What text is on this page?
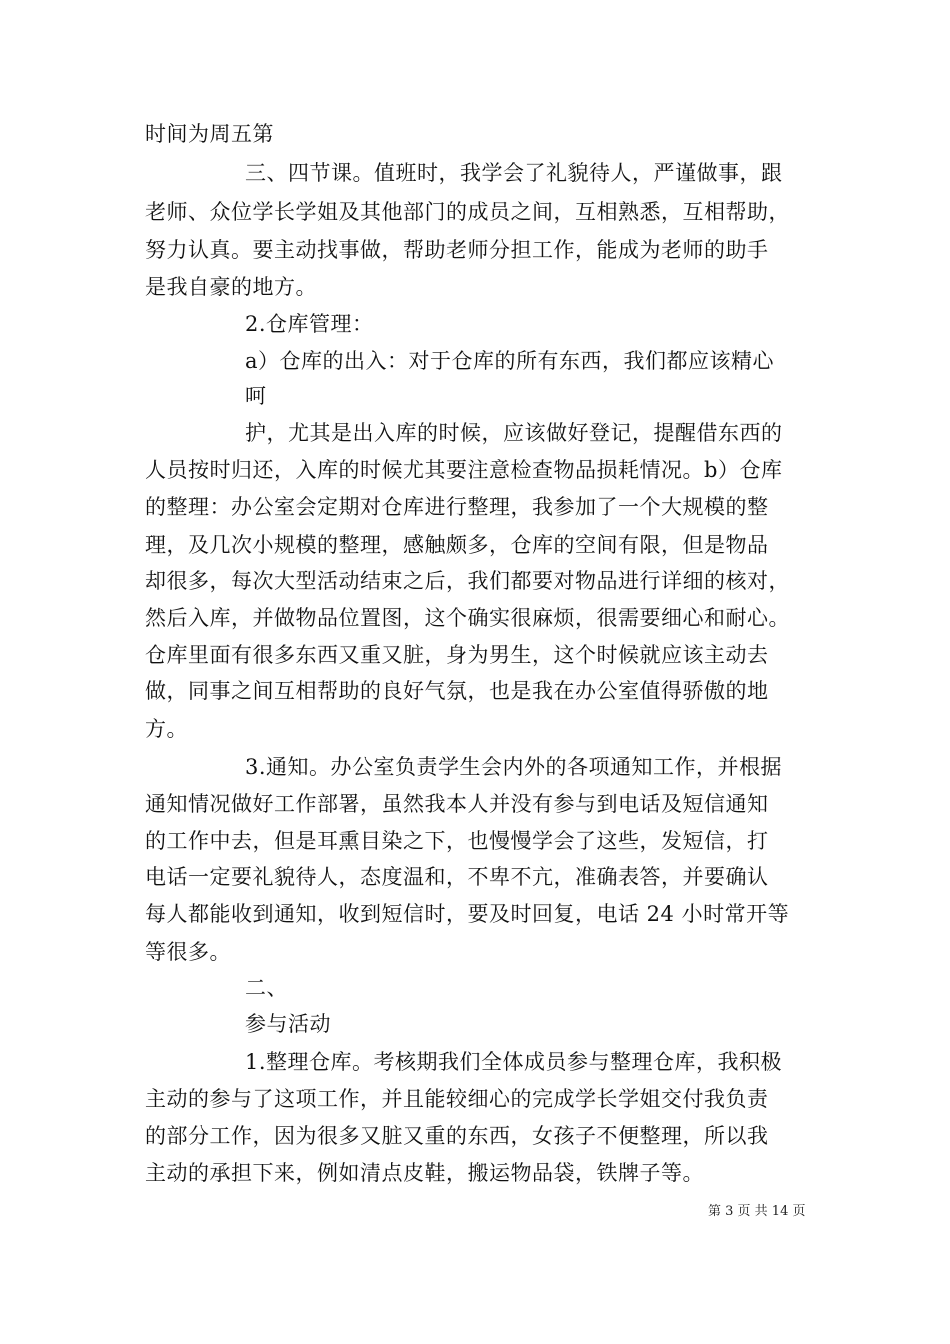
时间为周五第
三、四节课。值班时，我学会了礼貌待人，严谨做事，跟
老师、众位学长学姐及其他部门的成员之间，互相熟悉，互相帮助，
努力认真。要主动找事做，帮助老师分担工作，能成为老师的助手
是我自豪的地方。
2.仓库管理：
a）仓库的出入：对于仓库的所有东西，我们都应该精心
呵
护，尤其是出入库的时候，应该做好登记，提醒借东西的
人员按时归还，入库的时候尤其要注意检查物品损耗情况。b）仓库
的整理：办公室会定期对仓库进行整理，我参加了一个大规模的整
理，及几次小规模的整理，感触颇多，仓库的空间有限，但是物品
却很多，每次大型活动结束之后，我们都要对物品进行详细的核对，
然后入库，并做物品位置图，这个确实很麻烦，很需要细心和耐心。
仓库里面有很多东西又重又脏，身为男生，这个时候就应该主动去
做，同事之间互相帮助的良好气氛，也是我在办公室值得骄傲的地
方。
3.通知。办公室负责学生会内外的各项通知工作，并根据
通知情况做好工作部署，虽然我本人并没有参与到电话及短信通知
的工作中去，但是耳熏目染之下，也慢慢学会了这些，发短信，打
电话一定要礼貌待人，态度温和，不卑不亢，准确表答，并要确认
每人都能收到通知，收到短信时，要及时回复，电话 24 小时常开等
等很多。
二、
参与活动
1.整理仓库。考核期我们全体成员参与整理仓库，我积极
主动的参与了这项工作，并且能较细心的完成学长学姐交付我负责
的部分工作，因为很多又脏又重的东西，女孩子不便整理，所以我
主动的承担下来，例如清点皮鞋，搬运物品袋，铁牌子等。
第 3 页 共 14 页
